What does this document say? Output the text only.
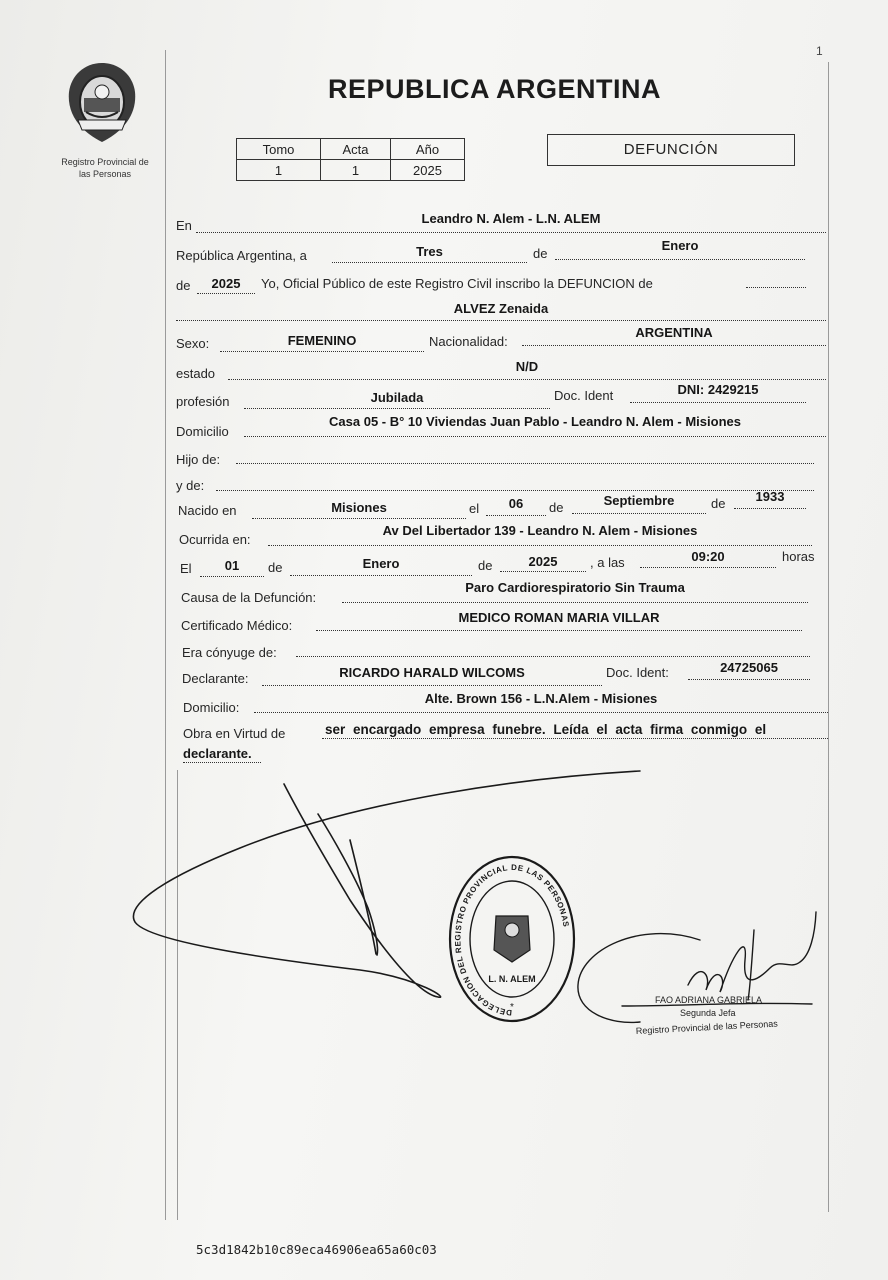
1
Registro Provincial de
las Personas
REPUBLICA ARGENTINA
Tomo	Acta	Año
1	1	2025
DEFUNCIÓN
En	Leandro N. Alem - L.N. ALEM
República Argentina, a	Tres	de
Enero
de	2025	Yo, Oficial Público de este Registro Civil inscribo la DEFUNCION de
ALVEZ Zenaida
Sexo:	FEMENINO	Nacionalidad:
ARGENTINA
estado	N/D
profesión	Jubilada	Doc. Ident	DNI: 2429215
Domicilio
Casa 05 - B° 10 Viviendas Juan Pablo - Leandro N. Alem - Misiones
Hijo de:
y de:
Nacido en	Misiones	el	06	de	Septiembre	de	1933
Ocurrida en:
Av Del Libertador 139 - Leandro N. Alem - Misiones
El	01	de	Enero	de	2025	, a las	09:20	horas
Causa de la Defunción:
Paro Cardiorespiratorio Sin Trauma
Certificado Médico:
MEDICO ROMAN MARIA VILLAR
Era cónyuge de:
Declarante:	RICARDO HARALD WILCOMS	Doc. Ident:	24725065
Domicilio:
Alte. Brown 156 - L.N.Alem - Misiones
Obra en Virtud de	ser encargado empresa funebre. Leída el acta firma conmigo el
declarante.
DELEGACION DEL REGISTRO PROVINCIAL DE LAS PERSONAS
L. N. ALEM
*
FAO ADRIANA GABRIELA
Segunda Jefa
Registro Provincial de las Personas
5c3d1842b10c89eca46906ea65a60c03
